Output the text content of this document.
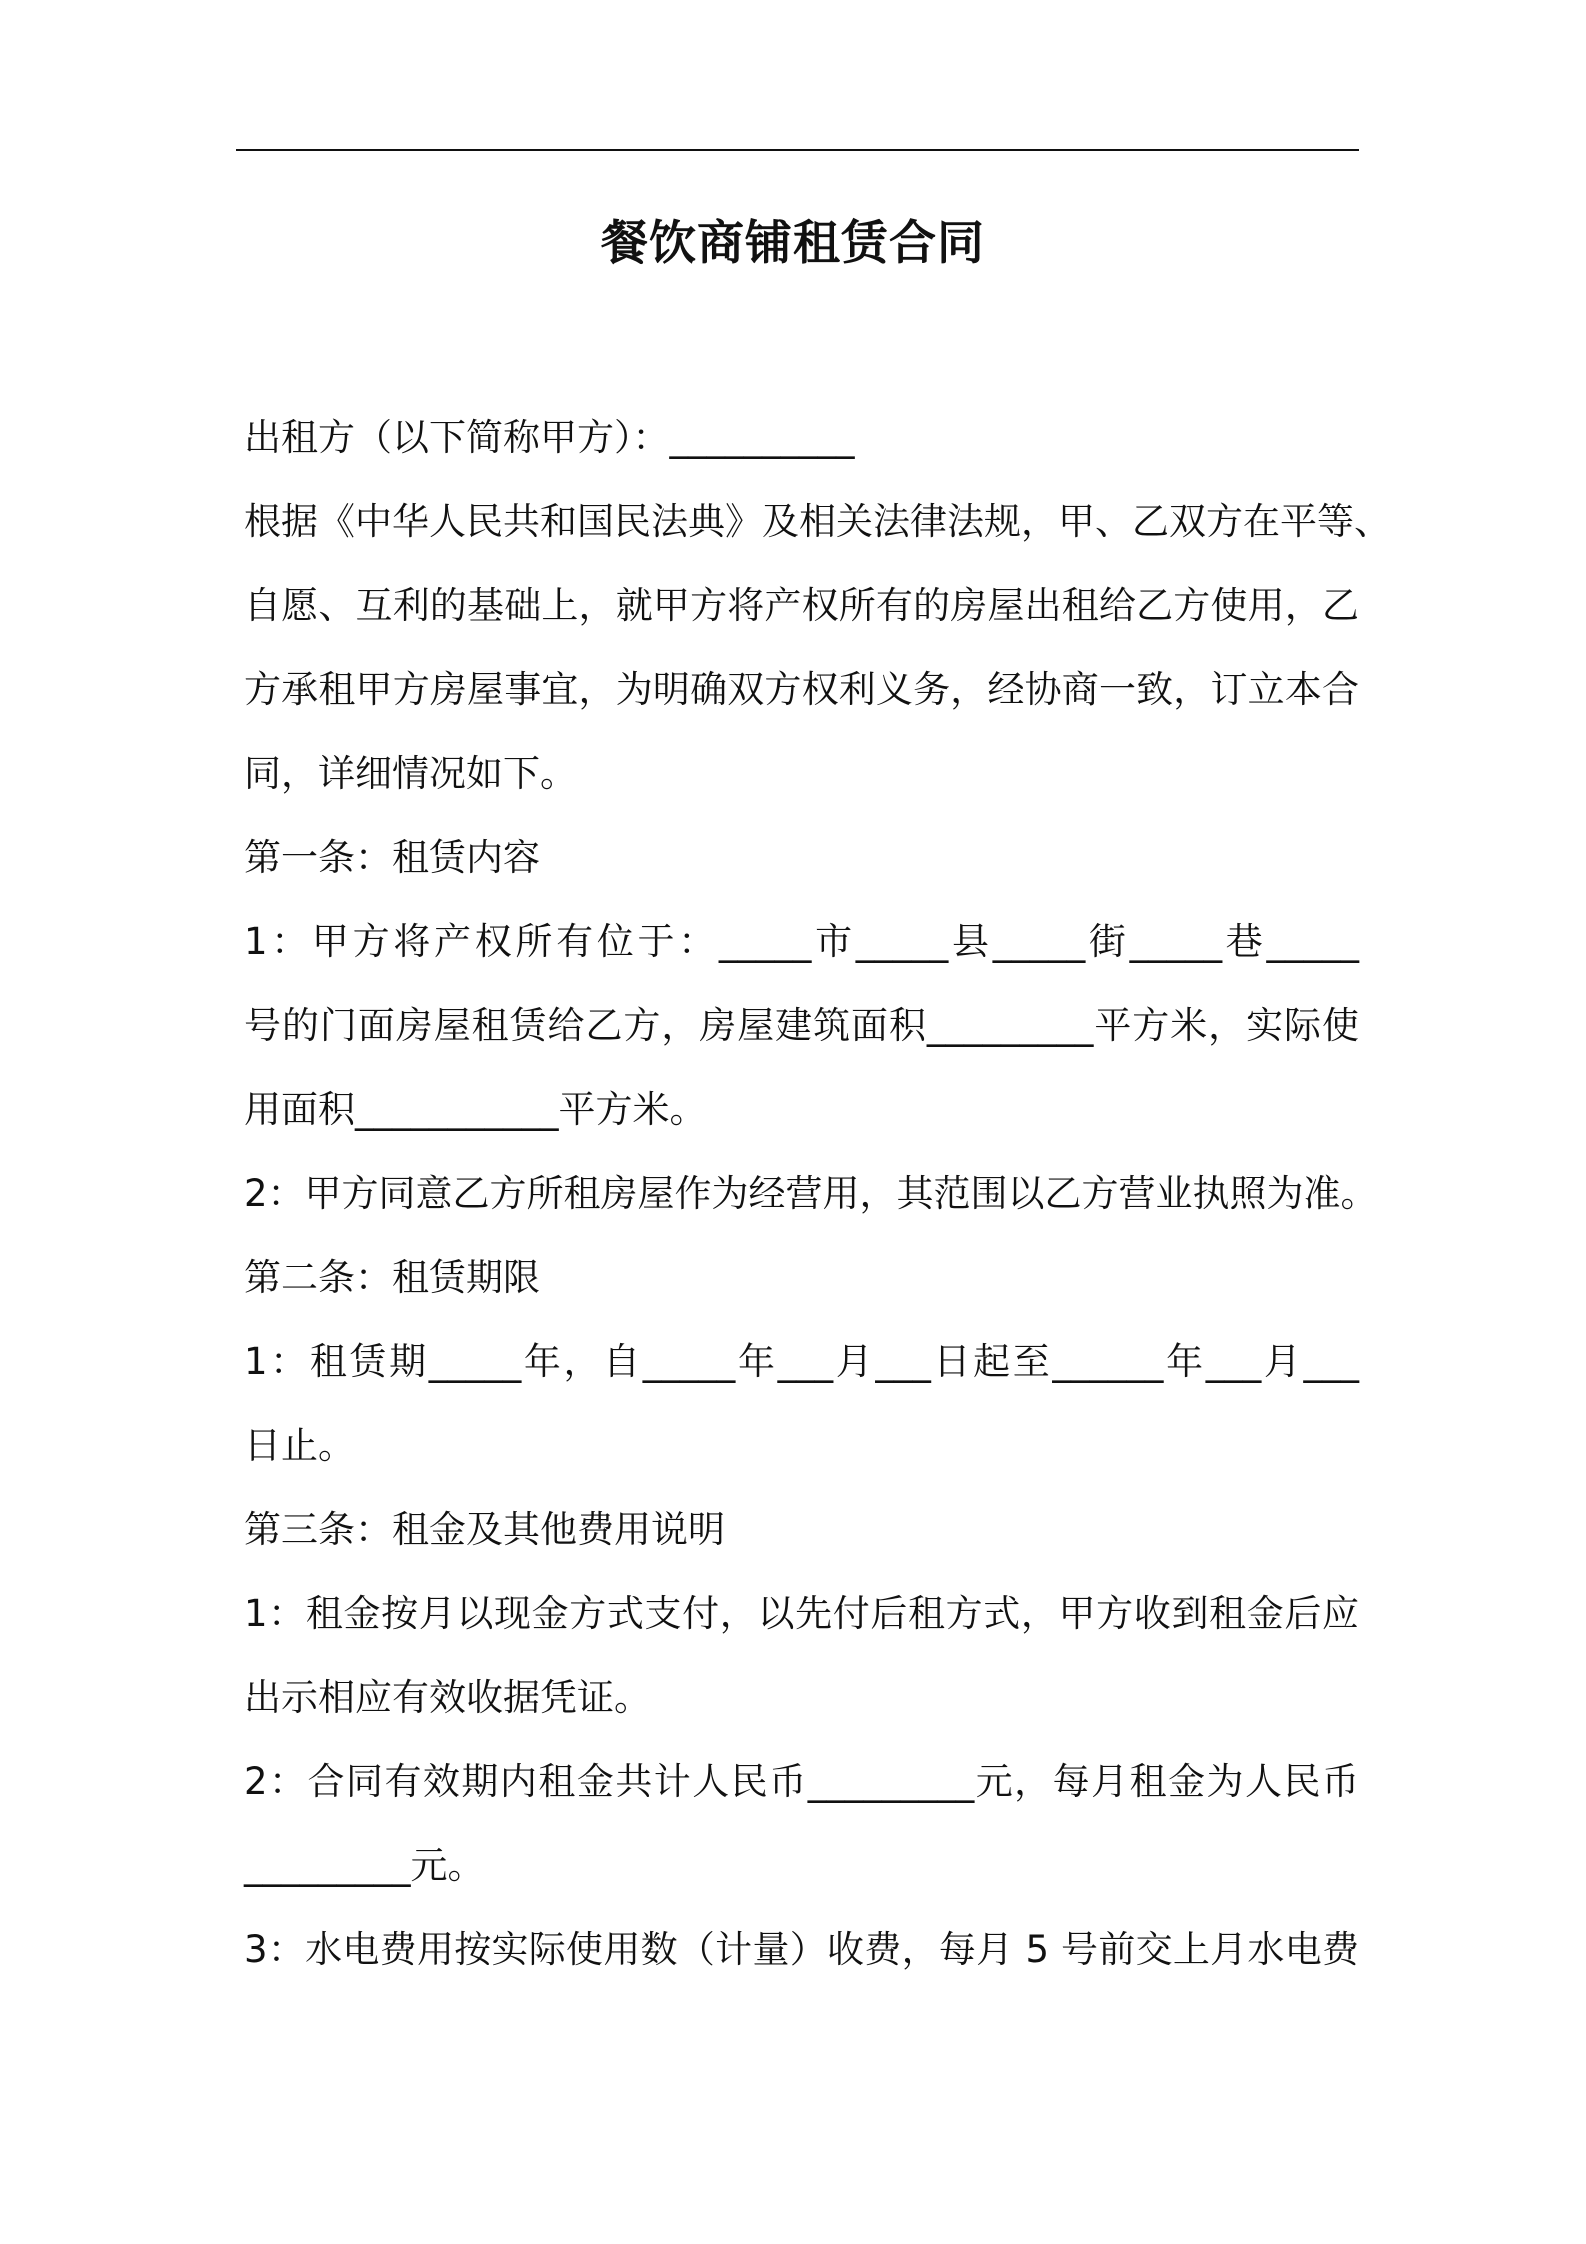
餐饮商铺租赁合同
出租方（以下简称甲方）：__________
根据《中华人民共和国民法典》及相关法律法规，甲、乙双方在平等、
自愿、互利的基础上，就甲方将产权所有的房屋出租给乙方使用，乙
方承租甲方房屋事宜，为明确双方权利义务，经协商一致，订立本合
同，详细情况如下。
第一条：租赁内容
1：甲方将产权所有位于：_____市_____县_____街_____巷_____
号的门面房屋租赁给乙方，房屋建筑面积_________平方米，实际使
用面积___________平方米。
2：甲方同意乙方所租房屋作为经营用，其范围以乙方营业执照为准。
第二条：租赁期限
1：租赁期_____年，自_____年___月___日起至______年___月___
日止。
第三条：租金及其他费用说明
1：租金按月以现金方式支付，以先付后租方式，甲方收到租金后应
出示相应有效收据凭证。
2：合同有效期内租金共计人民币_________元，每月租金为人民币
_________元。
3：水电费用按实际使用数（计量）收费，每月 5 号前交上月水电费
